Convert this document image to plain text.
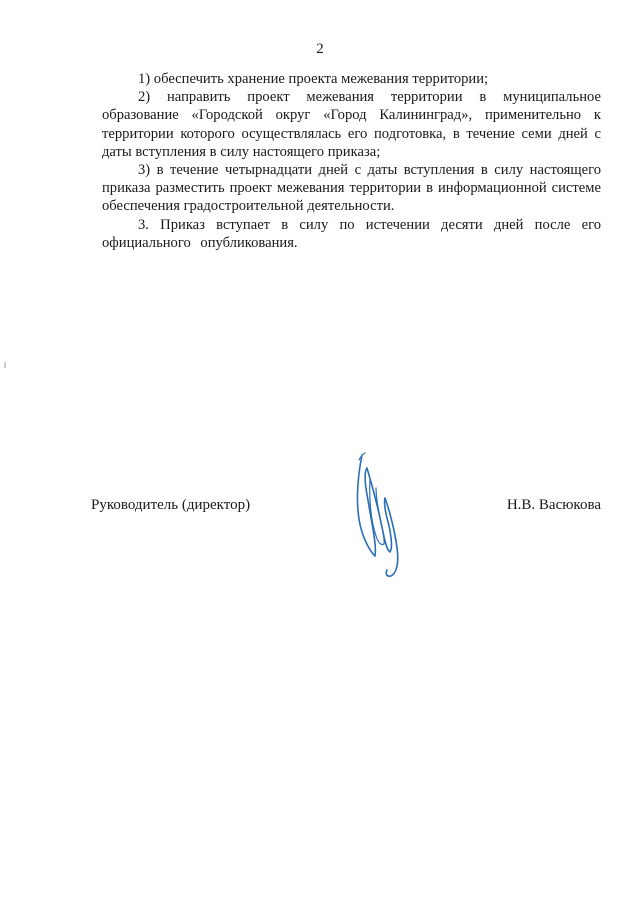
2

1) обеспечить хранение проекта межевания территории;

2) направить проект межевания территории в муниципальное образование «Городской округ «Город Калининград», применительно к территории которого осуществлялась его подготовка, в течение семи дней с даты вступления в силу настоящего приказа;

3) в течение четырнадцати дней с даты вступления в силу настоящего приказа разместить проект межевания территории в информационной системе обеспечения градостроительной деятельности.

3. Приказ вступает в силу по истечении десяти дней после его официального опубликования.

Руководитель (директор)	Н.В. Васюкова
